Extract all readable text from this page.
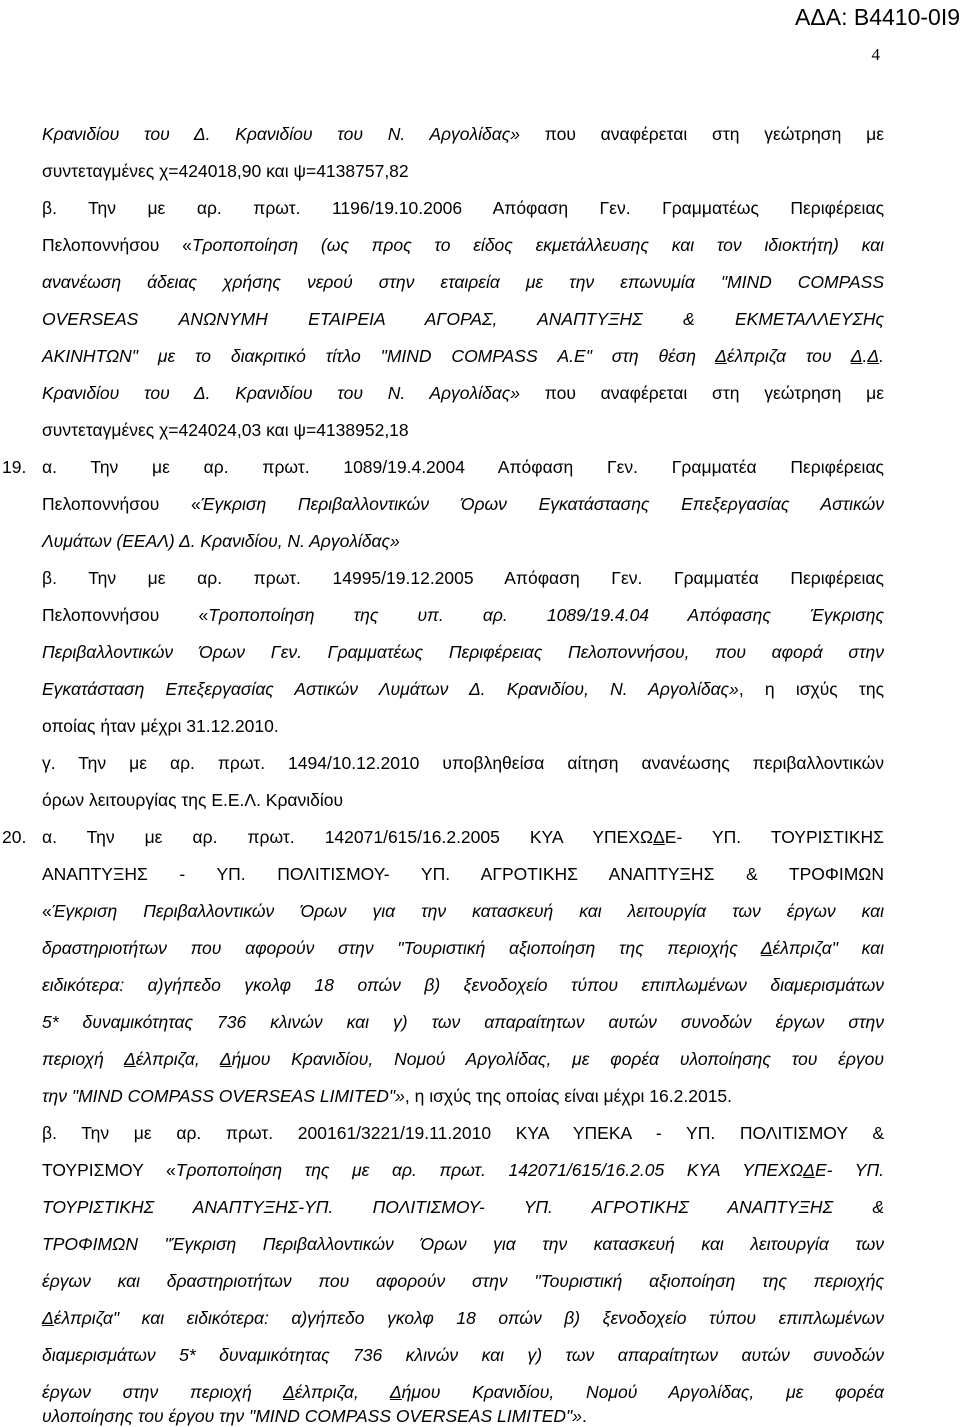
ΑΔΑ: Β4410-0Ι9
4
Κρανιδίου του Δ. Κρανιδίου του Ν. Αργολίδας» που αναφέρεται στη γεώτρηση με
συντεταγμένες χ=424018,90 και ψ=4138757,82
β. Την με αρ. πρωτ. 1196/19.10.2006 Απόφαση Γεν. Γραμματέως Περιφέρειας
Πελοποννήσου «Τροποποίηση (ως προς το είδος εκμετάλλευσης και τον ιδιοκτήτη) και
ανανέωση άδειας χρήσης νερού στην εταιρεία με την επωνυμία "MIND COMPASS
OVERSEAS ΑΝΩΝΥΜΗ ΕΤΑΙΡΕΙΑ ΑΓΟΡΑΣ, ΑΝΑΠΤΥΞΗΣ & ΕΚΜΕΤΑΛΛΕΥΣΗς
ΑΚΙΝΗΤΩΝ" με το διακριτικό τίτλο "MIND COMPASS Α.Ε" στη θέση Δέλπριζα του Δ.Δ.
Κρανιδίου του Δ. Κρανιδίου του Ν. Αργολίδας» που αναφέρεται στη γεώτρηση με
συντεταγμένες χ=424024,03 και ψ=4138952,18
19. α. Την με αρ. πρωτ. 1089/19.4.2004 Απόφαση Γεν. Γραμματέα Περιφέρειας
Πελοποννήσου «Έγκριση Περιβαλλοντικών Όρων Εγκατάστασης Επεξεργασίας Αστικών
Λυμάτων (ΕΕΑΛ) Δ. Κρανιδίου, Ν. Αργολίδας»
β. Την με αρ. πρωτ. 14995/19.12.2005 Απόφαση Γεν. Γραμματέα Περιφέρειας
Πελοποννήσου «Τροποποίηση της υπ. αρ. 1089/19.4.04 Απόφασης Έγκρισης
Περιβαλλοντικών Όρων Γεν. Γραμματέως Περιφέρειας Πελοποννήσου, που αφορά στην
Εγκατάσταση Επεξεργασίας Αστικών Λυμάτων Δ. Κρανιδίου, Ν. Αργολίδας», η ισχύς της
οποίας ήταν μέχρι 31.12.2010.
γ. Την με αρ. πρωτ. 1494/10.12.2010 υποβληθείσα αίτηση ανανέωσης περιβαλλοντικών
όρων λειτουργίας της Ε.Ε.Λ. Κρανιδίου
20. α. Την με αρ. πρωτ. 142071/615/16.2.2005 ΚΥΑ ΥΠΕΧΩΔΕ- ΥΠ. ΤΟΥΡΙΣΤΙΚΗΣ
ΑΝΑΠΤΥΞΗΣ - ΥΠ. ΠΟΛΙΤΙΣΜΟΥ- ΥΠ. ΑΓΡΟΤΙΚΗΣ ΑΝΑΠΤΥΞΗΣ & ΤΡΟΦΙΜΩΝ
«Έγκριση Περιβαλλοντικών Όρων για την κατασκευή και λειτουργία των έργων και
δραστηριοτήτων που αφορούν στην "Τουριστική αξιοποίηση της περιοχής Δέλπριζα" και
ειδικότερα: α)γήπεδο γκολφ 18 οπών β) ξενοδοχείο τύπου επιπλωμένων διαμερισμάτων
5* δυναμικότητας 736 κλινών και γ) των απαραίτητων αυτών συνοδών έργων στην
περιοχή Δέλπριζα, Δήμου Κρανιδίου, Νομού Αργολίδας, με φορέα υλοποίησης του έργου
την "MIND COMPASS OVERSEAS LIMITED"», η ισχύς της οποίας είναι μέχρι 16.2.2015.
β. Την με αρ. πρωτ. 200161/3221/19.11.2010 ΚΥΑ ΥΠΕΚΑ - ΥΠ. ΠΟΛΙΤΙΣΜΟΥ &
ΤΟΥΡΙΣΜΟΥ «Τροποποίηση της με αρ. πρωτ. 142071/615/16.2.05 ΚΥΑ ΥΠΕΧΩΔΕ- ΥΠ.
ΤΟΥΡΙΣΤΙΚΗΣ ΑΝΑΠΤΥΞΗΣ-ΥΠ. ΠΟΛΙΤΙΣΜΟΥ- ΥΠ. ΑΓΡΟΤΙΚΗΣ ΑΝΑΠΤΥΞΗΣ &
ΤΡΟΦΙΜΩΝ "Έγκριση Περιβαλλοντικών Όρων για την κατασκευή και λειτουργία των
έργων και δραστηριοτήτων που αφορούν στην "Τουριστική αξιοποίηση της περιοχής
Δέλπριζα" και ειδικότερα: α)γήπεδο γκολφ 18 οπών β) ξενοδοχείο τύπου επιπλωμένων
διαμερισμάτων 5* δυναμικότητας 736 κλινών και γ) των απαραίτητων αυτών συνοδών
έργων στην περιοχή Δέλπριζα, Δήμου Κρανιδίου, Νομού Αργολίδας, με φορέα
υλοποίησης του έργου την "MIND COMPASS OVERSEAS LIMITED"».
